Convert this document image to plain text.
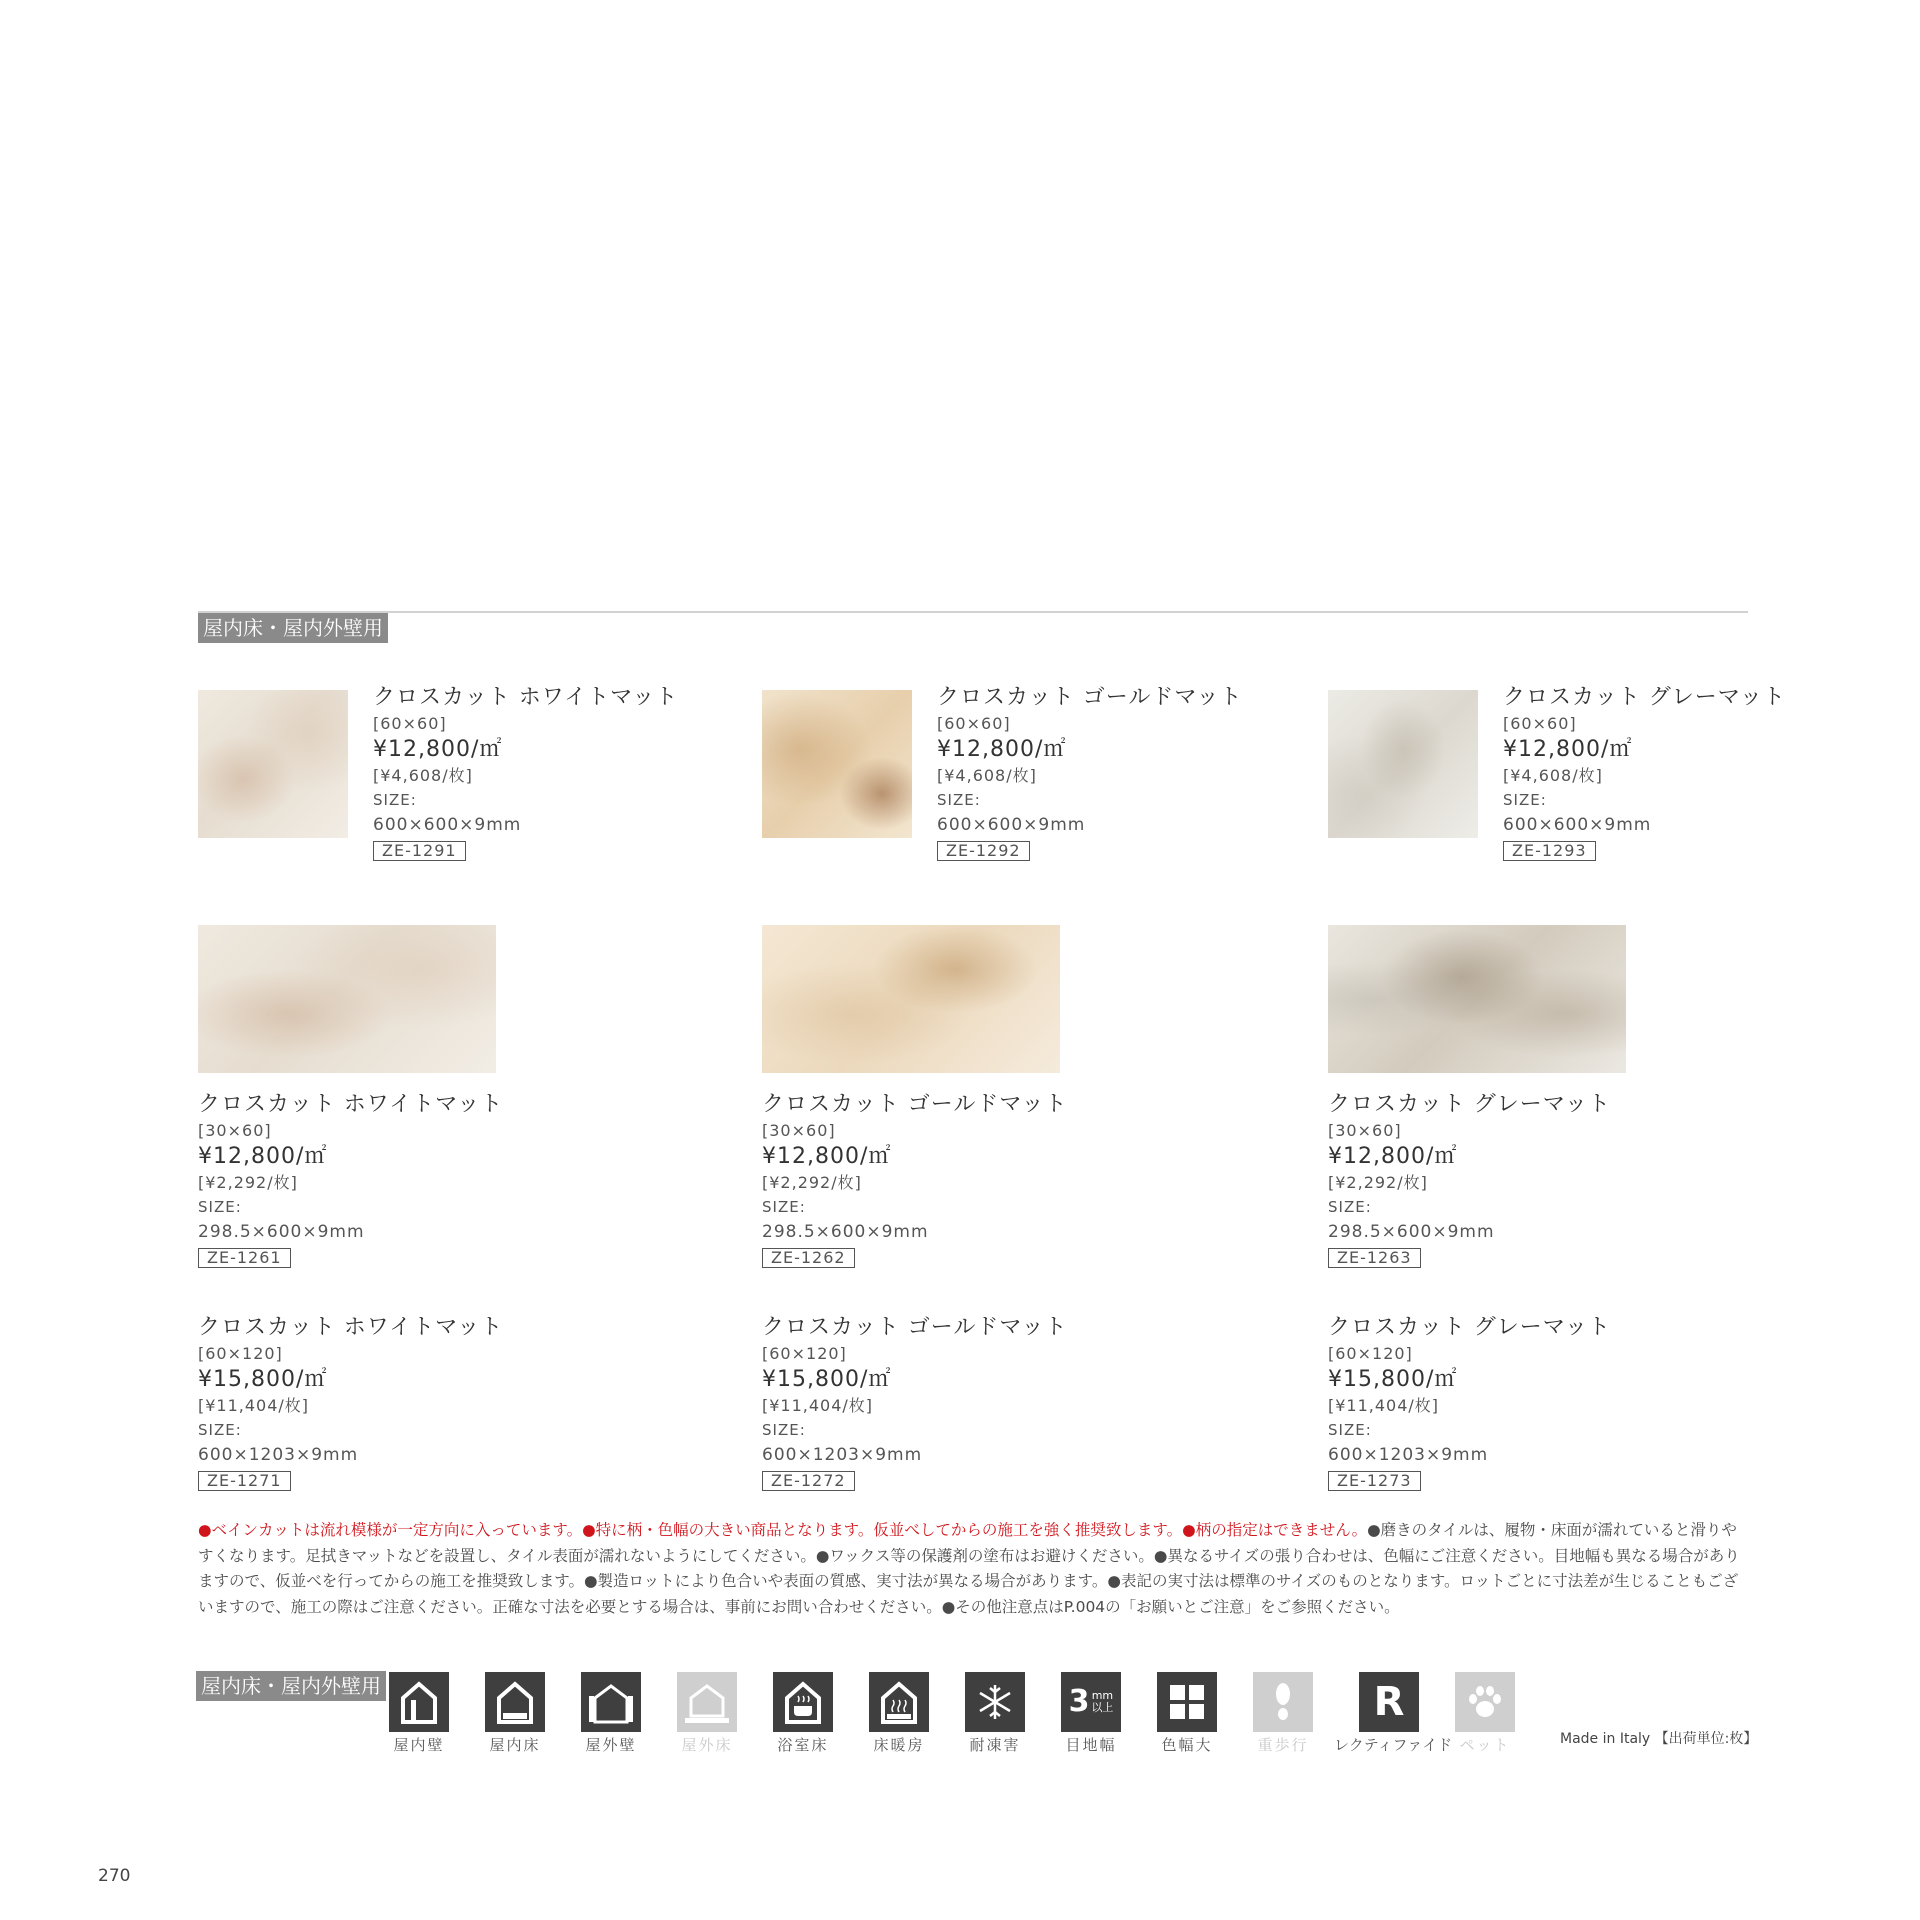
屋内床・屋内外壁用
クロスカット ホワイトマット
[60×60]
¥12,800/㎡
[¥4,608/枚]
SIZE:
600×600×9mm
ZE-1291
クロスカット ゴールドマット
[60×60]
¥12,800/㎡
[¥4,608/枚]
SIZE:
600×600×9mm
ZE-1292
クロスカット グレーマット
[60×60]
¥12,800/㎡
[¥4,608/枚]
SIZE:
600×600×9mm
ZE-1293
クロスカット ホワイトマット
[30×60]
¥12,800/㎡
[¥2,292/枚]
SIZE:
298.5×600×9mm
ZE-1261
クロスカット ゴールドマット
[30×60]
¥12,800/㎡
[¥2,292/枚]
SIZE:
298.5×600×9mm
ZE-1262
クロスカット グレーマット
[30×60]
¥12,800/㎡
[¥2,292/枚]
SIZE:
298.5×600×9mm
ZE-1263
クロスカット ホワイトマット
[60×120]
¥15,800/㎡
[¥11,404/枚]
SIZE:
600×1203×9mm
ZE-1271
クロスカット ゴールドマット
[60×120]
¥15,800/㎡
[¥11,404/枚]
SIZE:
600×1203×9mm
ZE-1272
クロスカット グレーマット
[60×120]
¥15,800/㎡
[¥11,404/枚]
SIZE:
600×1203×9mm
ZE-1273
●ベインカットは流れ模様が一定方向に入っています。●特に柄・色幅の大きい商品となります。仮並べしてからの施工を強く推奨致します。●柄の指定はできません。●磨きのタイルは、履物・床面が濡れていると滑りやすくなります。足拭きマットなどを設置し、タイル表面が濡れないようにしてください。●ワックス等の保護剤の塗布はお避けください。●異なるサイズの張り合わせは、色幅にご注意ください。目地幅も異なる場合がありますので、仮並べを行ってからの施工を推奨致します。●製造ロットにより色合いや表面の質感、実寸法が異なる場合があります。●表記の実寸法は標準のサイズのものとなります。ロットごとに寸法差が生じることもございますので、施工の際はご注意ください。正確な寸法を必要とする場合は、事前にお問い合わせください。●その他注意点はP.004の「お願いとご注意」をご参照ください。
屋内床・屋内外壁用
屋内壁	屋内床	屋外壁	屋外床	浴室床	床暖房	耐凍害
3 mm
以上
目地幅	色幅大	重歩行
R
レクティファイド ペット	Made in Italy 【出荷単位:枚】
270
